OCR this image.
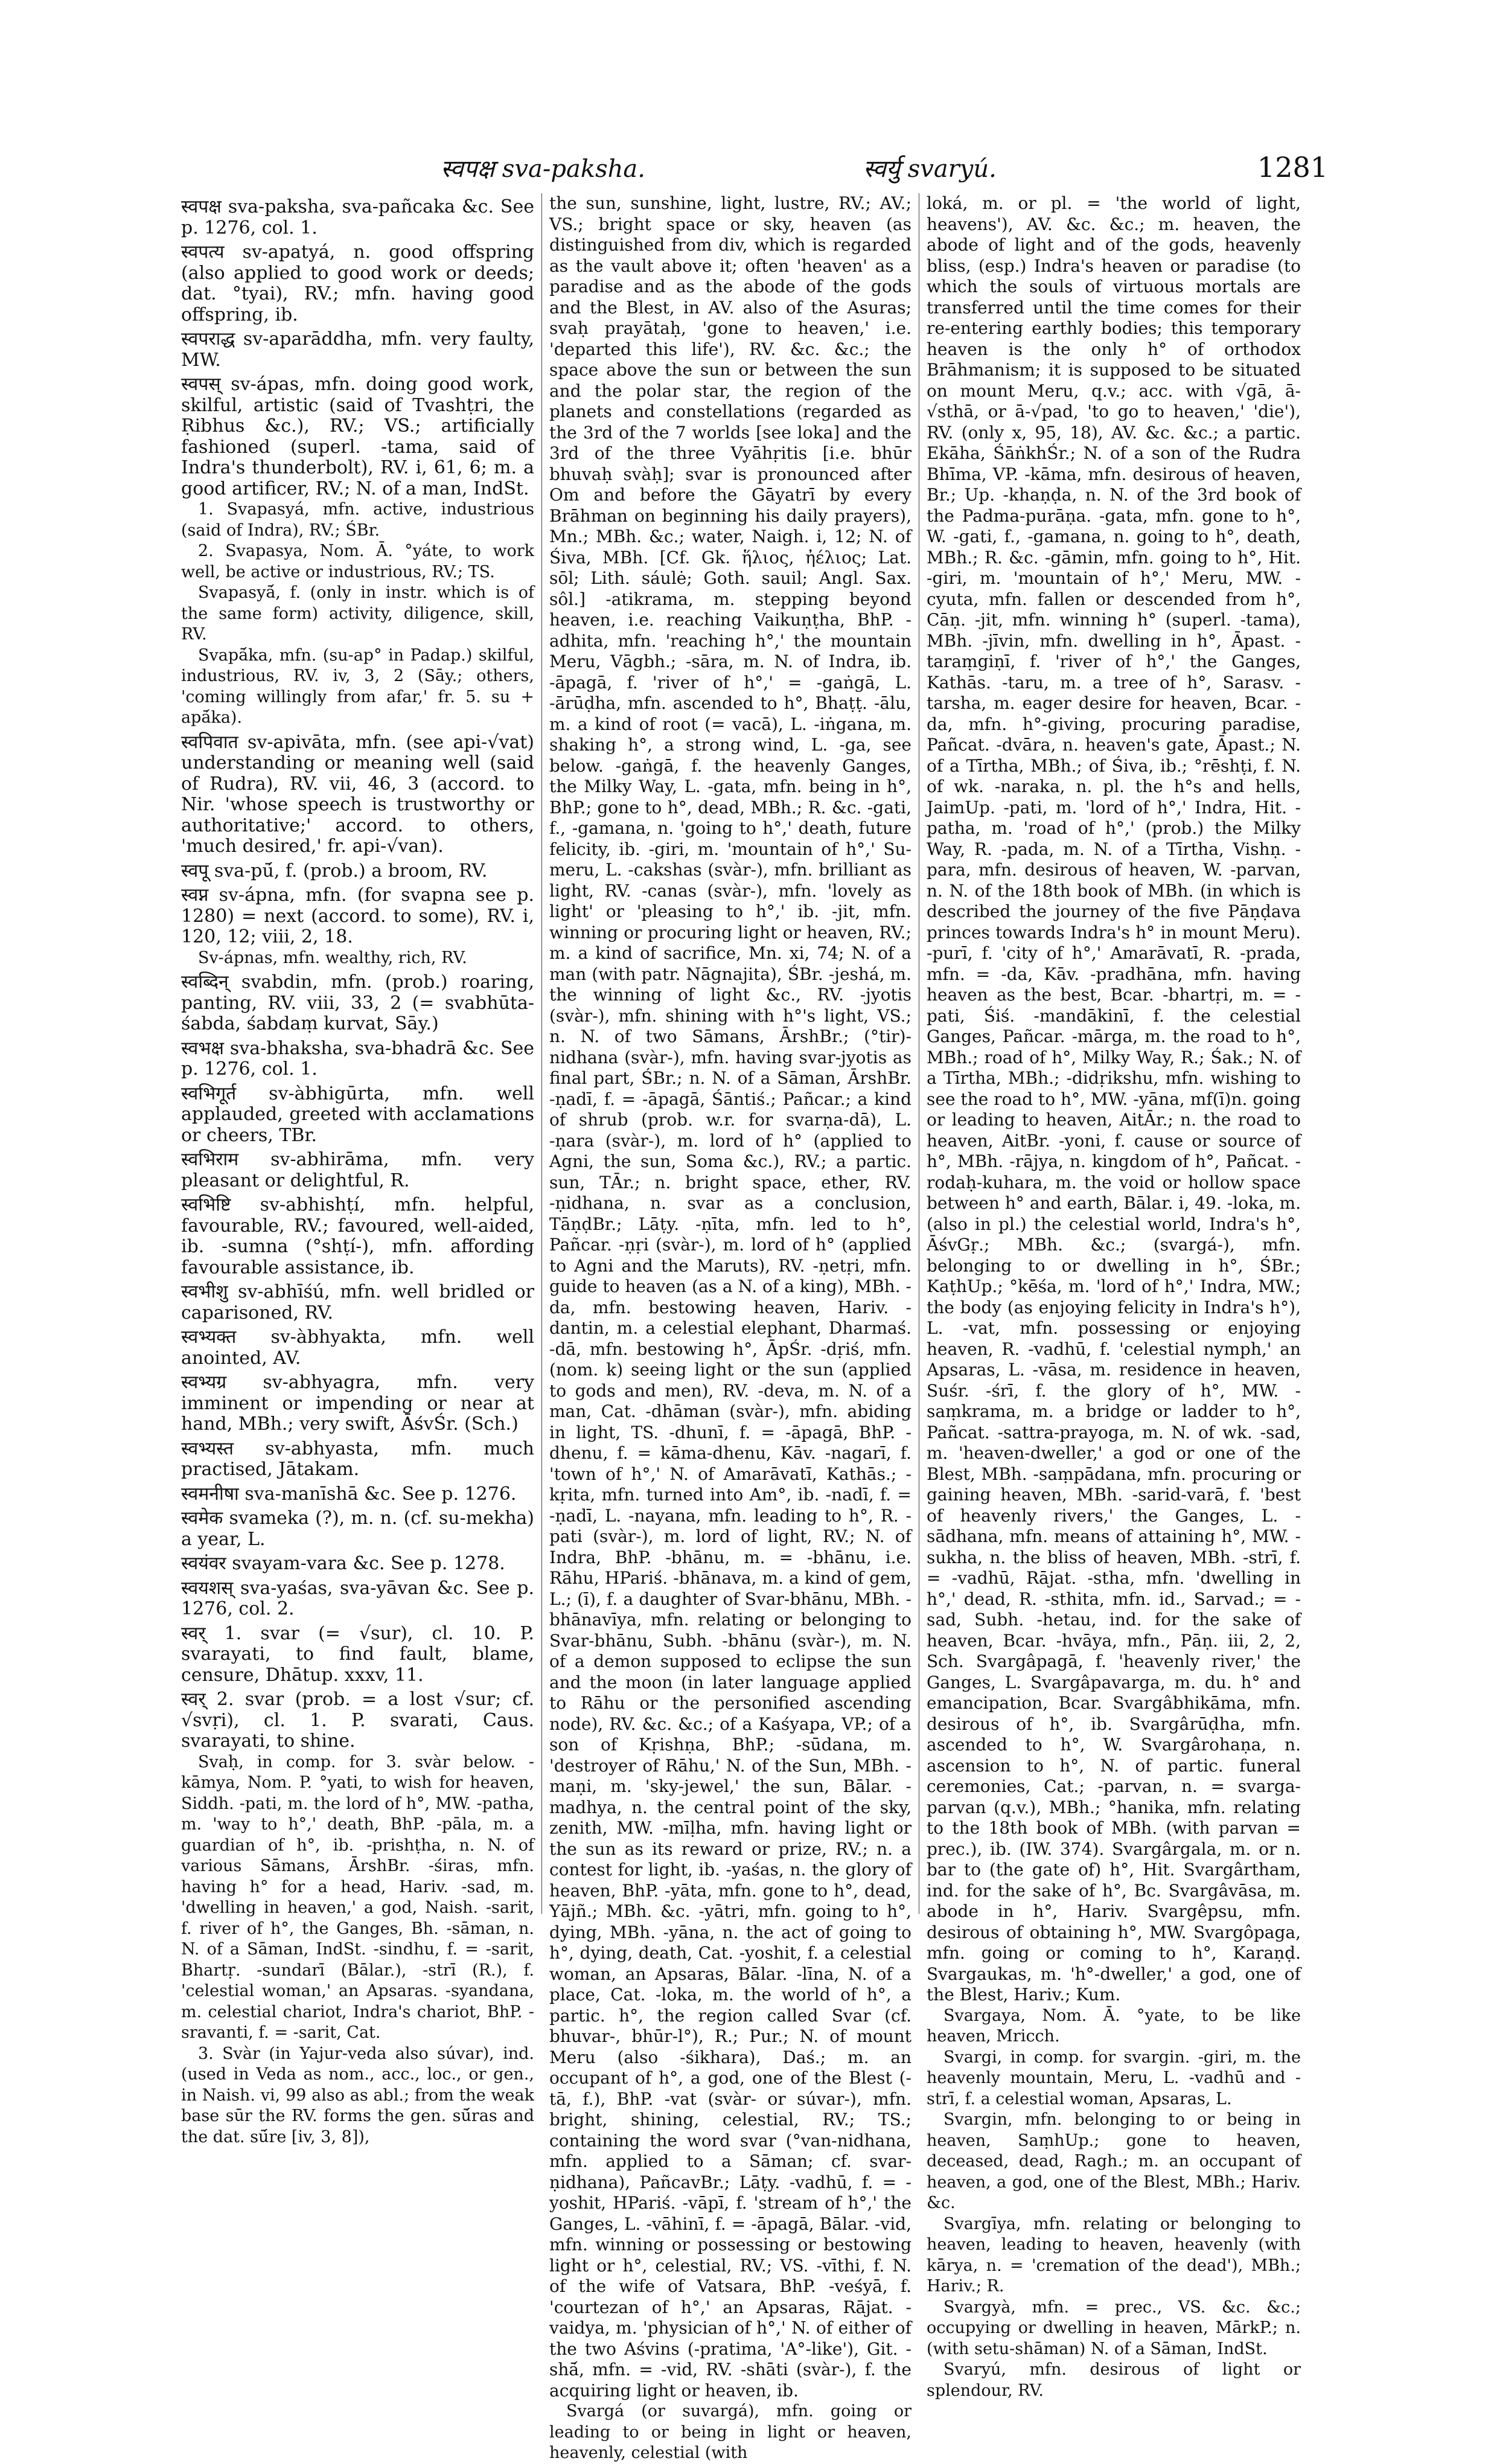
स्वपक्ष sva-paksha.	स्वर्यु svaryú.	1281

स्वपक्ष sva-paksha, sva-pañcaka &c. See p. 1276, col. 1.

स्वपत्य sv-apatyá, n. good offspring (also applied to good work or deeds; dat. °tyai), RV.; mfn. having good offspring, ib.

स्वपराद्ध sv-aparāddha, mfn. very faulty, MW.

स्वपस् sv-ápas, mfn. doing good work, skilful, artistic (said of Tvashṭri, the Ṛibhus &c.), RV.; VS.; artificially fashioned (superl. -tama, said of Indra's thunderbolt), RV. i, 61, 6; m. a good artificer, RV.; N. of a man, IndSt.

1. Svapasyá, mfn. active, industrious (said of Indra), RV.; ŚBr.

2. Svapasya, Nom. Ā. °yáte, to work well, be active or industrious, RV.; TS.

Svapasyā́, f. (only in instr. which is of the same form) activity, diligence, skill, RV.

Svapā́ka, mfn. (su-ap° in Padap.) skilful, industrious, RV. iv, 3, 2 (Sāy.; others, 'coming willingly from afar,' fr. 5. su + apā́ka).

स्वपिवात sv-apivāta, mfn. (see api-√vat) understanding or meaning well (said of Rudra), RV. vii, 46, 3 (accord. to Nir. 'whose speech is trustworthy or authoritative;' accord. to others, 'much desired,' fr. api-√van).

स्वपू sva-pū́, f. (prob.) a broom, RV.

स्वप्न sv-ápna, mfn. (for svapna see p. 1280) = next (accord. to some), RV. i, 120, 12; viii, 2, 18.

Sv-ápnas, mfn. wealthy, rich, RV.

स्वब्दिन् svabdin, mfn. (prob.) roaring, panting, RV. viii, 33, 2 (= svabhūta-śabda, śabdaṃ kurvat, Sāy.)

स्वभक्ष sva-bhaksha, sva-bhadrā &c. See p. 1276, col. 1.

स्वभिगूर्त sv-àbhigūrta, mfn. well applauded, greeted with acclamations or cheers, TBr.

स्वभिराम sv-abhirāma, mfn. very pleasant or delightful, R.

स्वभिष्टि sv-abhishṭí, mfn. helpful, favourable, RV.; favoured, well-aided, ib. -sumna (°shṭí-), mfn. affording favourable assistance, ib.

स्वभीशु sv-abhīśú, mfn. well bridled or caparisoned, RV.

स्वभ्यक्त sv-àbhyakta, mfn. well anointed, AV.

स्वभ्यग्र sv-abhyagra, mfn. very imminent or impending or near at hand, MBh.; very swift, ĀśvŚr. (Sch.)

स्वभ्यस्त sv-abhyasta, mfn. much practised, Jātakam.

स्वमनीषा sva-manīshā &c. See p. 1276.

स्वमेक svameka (?), m. n. (cf. su-mekha) a year, L.

स्वयंवर svayam-vara &c. See p. 1278.

स्वयशस् sva-yaśas, sva-yāvan &c. See p. 1276, col. 2.

स्वर् 1. svar (= √sur), cl. 10. P. svarayati, to find fault, blame, censure, Dhātup. xxxv, 11.

स्वर् 2. svar (prob. = a lost √sur; cf. √svṛi), cl. 1. P. svarati, Caus. svarayati, to shine.

Svaḥ, in comp. for 3. svàr below. -kāmya, Nom. P. °yati, to wish for heaven, Siddh. -pati, m. the lord of h°, MW. -patha, m. 'way to h°,' death, BhP. -pāla, m. a guardian of h°, ib. -prishṭha, n. N. of various Sāmans, ĀrshBr. -śiras, mfn. having h° for a head, Hariv. -sad, m. 'dwelling in heaven,' a god, Naish. -sarit, f. river of h°, the Ganges, Bh. -sāman, n. N. of a Sāman, IndSt. -sindhu, f. = -sarit, Bhartṛ. -sundarī (Bālar.), -strī (R.), f. 'celestial woman,' an Apsaras. -syandana, m. celestial chariot, Indra's chariot, BhP. -sravanti, f. = -sarit, Cat.

3. Svàr (in Yajur-veda also súvar), ind. (used in Veda as nom., acc., loc., or gen., in Naish. vi, 99 also as abl.; from the weak base sūr the RV. forms the gen. sū́ras and the dat. sū́re [iv, 3, 8]),

the sun, sunshine, light, lustre, RV.; AV.; VS.; bright space or sky, heaven (as distinguished from div, which is regarded as the vault above it; often 'heaven' as a paradise and as the abode of the gods and the Blest, in AV. also of the Asuras; svaḥ prayātaḥ, 'gone to heaven,' i.e. 'departed this life'), RV. &c. &c.; the space above the sun or between the sun and the polar star, the region of the planets and constellations (regarded as the 3rd of the 7 worlds [see loka] and the 3rd of the three Vyāhṛitis [i.e. bhūr bhuvaḥ svàḥ]; svar is pronounced after Om and before the Gāyatrī by every Brāhman on beginning his daily prayers), Mn.; MBh. &c.; water, Naigh. i, 12; N. of Śiva, MBh. [Cf. Gk. ἥλιος, ἠέλιος; Lat. sōl; Lith. sáulė; Goth. sauil; Angl. Sax. sôl.] -atikrama, m. stepping beyond heaven, i.e. reaching Vaikuṇṭha, BhP. -adhita, mfn. 'reaching h°,' the mountain Meru, Vāgbh.; -sāra, m. N. of Indra, ib. -āpagā, f. 'river of h°,' = -gaṅgā, L. -ārūḍha, mfn. ascended to h°, Bhaṭṭ. -ālu, m. a kind of root (= vacā), L. -iṅgana, m. shaking h°, a strong wind, L. -ga, see below. -gaṅgā, f. the heavenly Ganges, the Milky Way, L. -gata, mfn. being in h°, BhP.; gone to h°, dead, MBh.; R. &c. -gati, f., -gamana, n. 'going to h°,' death, future felicity, ib. -giri, m. 'mountain of h°,' Su-meru, L. -cakshas (svàr-), mfn. brilliant as light, RV. -canas (svàr-), mfn. 'lovely as light' or 'pleasing to h°,' ib. -jit, mfn. winning or procuring light or heaven, RV.; m. a kind of sacrifice, Mn. xi, 74; N. of a man (with patr. Nāgnajita), ŚBr. -jeshá, m. the winning of light &c., RV. -jyotis (svàr-), mfn. shining with h°'s light, VS.; n. N. of two Sāmans, ĀrshBr.; (°tir)-nidhana (svàr-), mfn. having svar-jyotis as final part, ŚBr.; n. N. of a Sāman, ĀrshBr. -ṇadī, f. = -āpagā, Śāntiś.; Pañcar.; a kind of shrub (prob. w.r. for svarṇa-dā), L. -ṇara (svàr-), m. lord of h° (applied to Agni, the sun, Soma &c.), RV.; a partic. sun, TĀr.; n. bright space, ether, RV. -ṇidhana, n. svar as a conclusion, TāṇḍBr.; Lāṭy. -ṇīta, mfn. led to h°, Pañcar. -ṇṛi (svàr-), m. lord of h° (applied to Agni and the Maruts), RV. -ṇetṛi, mfn. guide to heaven (as a N. of a king), MBh. -da, mfn. bestowing heaven, Hariv. -dantin, m. a celestial elephant, Dharmaś. -dā, mfn. bestowing h°, ĀpŚr. -dṛiś, mfn. (nom. k) seeing light or the sun (applied to gods and men), RV. -deva, m. N. of a man, Cat. -dhāman (svàr-), mfn. abiding in light, TS. -dhunī, f. = -āpagā, BhP. -dhenu, f. = kāma-dhenu, Kāv. -nagarī, f. 'town of h°,' N. of Amarāvatī, Kathās.; -kṛita, mfn. turned into Am°, ib. -nadī, f. = -ṇadī, L. -nayana, mfn. leading to h°, R. -pati (svàr-), m. lord of light, RV.; N. of Indra, BhP. -bhānu, m. = -bhānu, i.e. Rāhu, HPariś. -bhānava, m. a kind of gem, L.; (ī), f. a daughter of Svar-bhānu, MBh. -bhānavīya, mfn. relating or belonging to Svar-bhānu, Subh. -bhānu (svàr-), m. N. of a demon supposed to eclipse the sun and the moon (in later language applied to Rāhu or the personified ascending node), RV. &c. &c.; of a Kaśyapa, VP.; of a son of Kṛishṇa, BhP.; -sūdana, m. 'destroyer of Rāhu,' N. of the Sun, MBh. -maṇi, m. 'sky-jewel,' the sun, Bālar. -madhya, n. the central point of the sky, zenith, MW. -mīḷha, mfn. having light or the sun as its reward or prize, RV.; n. a contest for light, ib. -yaśas, n. the glory of heaven, BhP. -yāta, mfn. gone to h°, dead, Yājñ.; MBh. &c. -yātri, mfn. going to h°, dying, MBh. -yāna, n. the act of going to h°, dying, death, Cat. -yoshit, f. a celestial woman, an Apsaras, Bālar. -līna, N. of a place, Cat. -loka, m. the world of h°, a partic. h°, the region called Svar (cf. bhuvar-, bhūr-l°), R.; Pur.; N. of mount Meru (also -śikhara), Daś.; m. an occupant of h°, a god, one of the Blest (-tā, f.), BhP. -vat (svàr- or súvar-), mfn. bright, shining, celestial, RV.; TS.; containing the word svar (°van-nidhana, mfn. applied to a Sāman; cf. svar-ṇidhana), PañcavBr.; Lāṭy. -vadhū, f. = -yoshit, HPariś. -vāpī, f. 'stream of h°,' the Ganges, L. -vāhinī, f. = -āpagā, Bālar. -vid, mfn. winning or possessing or bestowing light or h°, celestial, RV.; VS. -vīthi, f. N. of the wife of Vatsara, BhP. -veśyā, f. 'courtezan of h°,' an Apsaras, Rājat. -vaidya, m. 'physician of h°,' N. of either of the two Aśvins (-pratima, 'A°-like'), Git. -shā́, mfn. = -vid, RV. -shāti (svàr-), f. the acquiring light or heaven, ib.

Svargá (or suvargá), mfn. going or leading to or being in light or heaven, heavenly, celestial (with

loká, m. or pl. = 'the world of light, heavens'), AV. &c. &c.; m. heaven, the abode of light and of the gods, heavenly bliss, (esp.) Indra's heaven or paradise (to which the souls of virtuous mortals are transferred until the time comes for their re-entering earthly bodies; this temporary heaven is the only h° of orthodox Brāhmanism; it is supposed to be situated on mount Meru, q.v.; acc. with √gā, ā-√sthā, or ā-√pad, 'to go to heaven,' 'die'), RV. (only x, 95, 18), AV. &c. &c.; a partic. Ekāha, ŚāṅkhŚr.; N. of a son of the Rudra Bhīma, VP. -kāma, mfn. desirous of heaven, Br.; Up. -khaṇḍa, n. N. of the 3rd book of the Padma-purāṇa. -gata, mfn. gone to h°, W. -gati, f., -gamana, n. going to h°, death, MBh.; R. &c. -gāmin, mfn. going to h°, Hit. -giri, m. 'mountain of h°,' Meru, MW. -cyuta, mfn. fallen or descended from h°, Cāṇ. -jit, mfn. winning h° (superl. -tama), MBh. -jīvin, mfn. dwelling in h°, Āpast. -taraṃgiṇī, f. 'river of h°,' the Ganges, Kathās. -taru, m. a tree of h°, Sarasv. -tarsha, m. eager desire for heaven, Bcar. -da, mfn. h°-giving, procuring paradise, Pañcat. -dvāra, n. heaven's gate, Āpast.; N. of a Tīrtha, MBh.; of Śiva, ib.; °rēshṭi, f. N. of wk. -naraka, n. pl. the h°s and hells, JaimUp. -pati, m. 'lord of h°,' Indra, Hit. -patha, m. 'road of h°,' (prob.) the Milky Way, R. -pada, m. N. of a Tīrtha, Vishṇ. -para, mfn. desirous of heaven, W. -parvan, n. N. of the 18th book of MBh. (in which is described the journey of the five Pāṇḍava princes towards Indra's h° in mount Meru). -purī, f. 'city of h°,' Amarāvatī, R. -prada, mfn. = -da, Kāv. -pradhāna, mfn. having heaven as the best, Bcar. -bhartṛi, m. = -pati, Śiś. -mandākinī, f. the celestial Ganges, Pañcar. -mārga, m. the road to h°, MBh.; road of h°, Milky Way, R.; Śak.; N. of a Tīrtha, MBh.; -didṛikshu, mfn. wishing to see the road to h°, MW. -yāna, mf(ī)n. going or leading to heaven, AitĀr.; n. the road to heaven, AitBr. -yoni, f. cause or source of h°, MBh. -rājya, n. kingdom of h°, Pañcat. -rodaḥ-kuhara, m. the void or hollow space between h° and earth, Bālar. i, 49. -loka, m. (also in pl.) the celestial world, Indra's h°, ĀśvGṛ.; MBh. &c.; (svargá-), mfn. belonging to or dwelling in h°, ŚBr.; KaṭhUp.; °kēśa, m. 'lord of h°,' Indra, MW.; the body (as enjoying felicity in Indra's h°), L. -vat, mfn. possessing or enjoying heaven, R. -vadhū, f. 'celestial nymph,' an Apsaras, L. -vāsa, m. residence in heaven, Suśr. -śrī, f. the glory of h°, MW. -saṃkrama, m. a bridge or ladder to h°, Pañcat. -sattra-prayoga, m. N. of wk. -sad, m. 'heaven-dweller,' a god or one of the Blest, MBh. -saṃpādana, mfn. procuring or gaining heaven, MBh. -sarid-varā, f. 'best of heavenly rivers,' the Ganges, L. -sādhana, mfn. means of attaining h°, MW. -sukha, n. the bliss of heaven, MBh. -strī, f. = -vadhū, Rājat. -stha, mfn. 'dwelling in h°,' dead, R. -sthita, mfn. id., Sarvad.; = -sad, Subh. -hetau, ind. for the sake of heaven, Bcar. -hvāya, mfn., Pāṇ. iii, 2, 2, Sch. Svargâpagā, f. 'heavenly river,' the Ganges, L. Svargâpavarga, m. du. h° and emancipation, Bcar. Svargâbhikāma, mfn. desirous of h°, ib. Svargârūḍha, mfn. ascended to h°, W. Svargârohaṇa, n. ascension to h°, N. of partic. funeral ceremonies, Cat.; -parvan, n. = svarga-parvan (q.v.), MBh.; °hanika, mfn. relating to the 18th book of MBh. (with parvan = prec.), ib. (IW. 374). Svargârgala, m. or n. bar to (the gate of) h°, Hit. Svargârtham, ind. for the sake of h°, Bc. Svargâvāsa, m. abode in h°, Hariv. Svargêpsu, mfn. desirous of obtaining h°, MW. Svargôpaga, mfn. going or coming to h°, Karaṇḍ. Svargaukas, m. 'h°-dweller,' a god, one of the Blest, Hariv.; Kum.

Svargaya, Nom. Ā. °yate, to be like heaven, Mricch.

Svargi, in comp. for svargin. -giri, m. the heavenly mountain, Meru, L. -vadhū and -strī, f. a celestial woman, Apsaras, L.

Svargin, mfn. belonging to or being in heaven, SaṃhUp.; gone to heaven, deceased, dead, Ragh.; m. an occupant of heaven, a god, one of the Blest, MBh.; Hariv. &c.

Svargīya, mfn. relating or belonging to heaven, leading to heaven, heavenly (with kārya, n. = 'cremation of the dead'), MBh.; Hariv.; R.

Svargyà, mfn. = prec., VS. &c. &c.; occupying or dwelling in heaven, MārkP.; n. (with setu-shāman) N. of a Sāman, IndSt.

Svaryú, mfn. desirous of light or splendour, RV.
